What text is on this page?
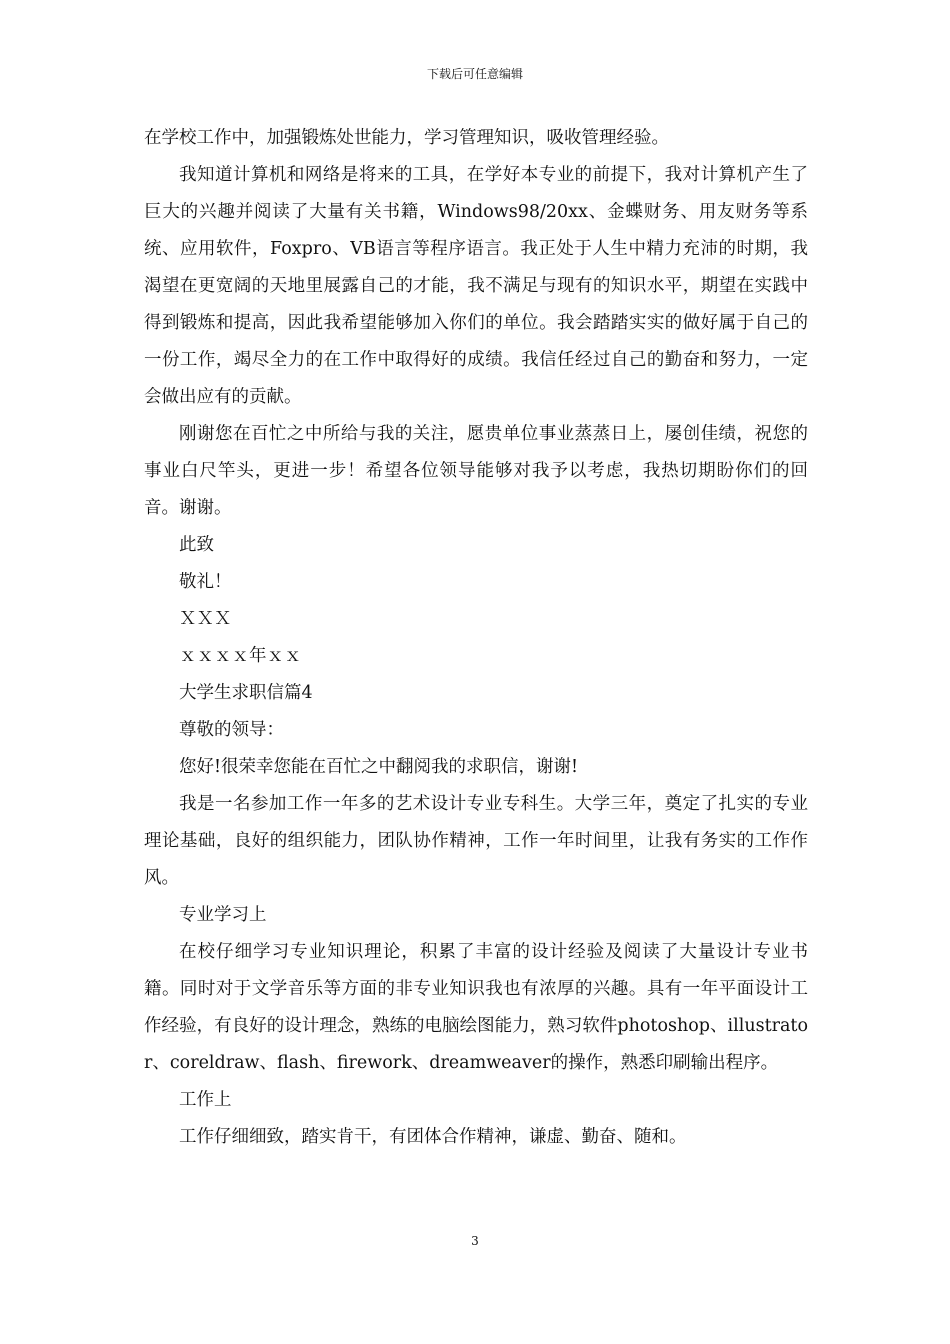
下载后可任意编辑

在学校工作中，加强锻炼处世能力，学习管理知识，吸收管理经验。

我知道计算机和网络是将来的工具，在学好本专业的前提下，我对计算机产生了巨大的兴趣并阅读了大量有关书籍，Windows98/20xx、金蝶财务、用友财务等系统、应用软件，Foxpro、VB语言等程序语言。我正处于人生中精力充沛的时期，我渴望在更宽阔的天地里展露自己的才能，我不满足与现有的知识水平，期望在实践中得到锻炼和提高，因此我希望能够加入你们的单位。我会踏踏实实的做好属于自己的一份工作，竭尽全力的在工作中取得好的成绩。我信任经过自己的勤奋和努力，一定会做出应有的贡献。

刚谢您在百忙之中所给与我的关注，愿贵单位事业蒸蒸日上，屡创佳绩，祝您的事业白尺竿头，更进一步！希望各位领导能够对我予以考虑，我热切期盼你们的回音。谢谢。

此致

敬礼！

ＸＸＸ

ｘｘｘｘ年ｘｘ

大学生求职信篇4

尊敬的领导：

您好!很荣幸您能在百忙之中翻阅我的求职信，谢谢!

我是一名参加工作一年多的艺术设计专业专科生。大学三年，奠定了扎实的专业理论基础，良好的组织能力，团队协作精神，工作一年时间里，让我有务实的工作作风。

专业学习上

在校仔细学习专业知识理论，积累了丰富的设计经验及阅读了大量设计专业书籍。同时对于文学音乐等方面的非专业知识我也有浓厚的兴趣。具有一年平面设计工作经验，有良好的设计理念，熟练的电脑绘图能力，熟习软件photoshop、illustrator、coreldraw、flash、firework、dreamweaver的操作，熟悉印刷输出程序。

工作上

工作仔细细致，踏实肯干，有团体合作精神，谦虚、勤奋、随和。

3
